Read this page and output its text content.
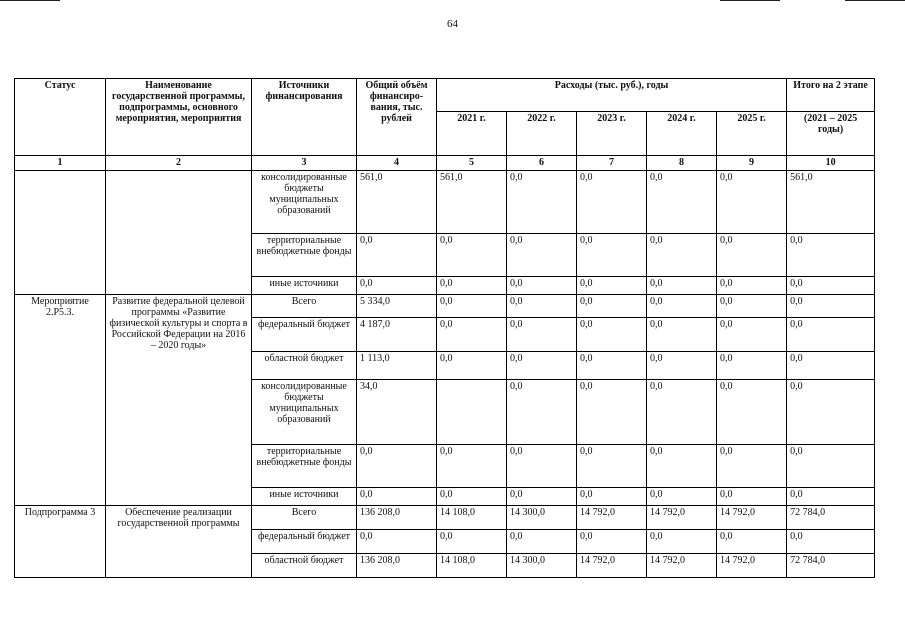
64
Статус	Наименование государственной программы, подпрограммы, основного мероприятия, мероприятия	Источники финансирования	Общий объём финансиро-вания, тыс. рублей	Расходы (тыс. руб.), годы					Итого на 2 этапе
				2021 г.	2022 г.	2023 г.	2024 г.	2025 г.	(2021 – 2025 годы)
1	2	3	4	5	6	7	8	9	10
		консолидированные бюджеты муниципальных образований	561,0	561,0	0,0	0,0	0,0	0,0	561,0
		территориальные внебюджетные фонды	0,0	0,0	0,0	0,0	0,0	0,0	0,0
		иные источники	0,0	0,0	0,0	0,0	0,0	0,0	0,0
Мероприятие 2.Р5.3.	Развитие федеральной целевой программы «Развитие физической культуры и спорта в Российской Федерации на 2016 – 2020 годы»	Всего	5 334,0	0,0	0,0	0,0	0,0	0,0	0,0
		федеральный бюджет	4 187,0	0,0	0,0	0,0	0,0	0,0	0,0
		областной бюджет	1 113,0	0,0	0,0	0,0	0,0	0,0	0,0
		консолидированные бюджеты муниципальных образований	34,0		0,0	0,0	0,0	0,0	0,0
		территориальные внебюджетные фонды	0,0	0,0	0,0	0,0	0,0	0,0	0,0
		иные источники	0,0	0,0	0,0	0,0	0,0	0,0	0,0
Подпрограмма 3	Обеспечение реализации государственной программы	Всего	136 208,0	14 108,0	14 300,0	14 792,0	14 792,0	14 792,0	72 784,0
		федеральный бюджет	0,0	0,0	0,0	0,0	0,0	0,0	0,0
		областной бюджет	136 208,0	14 108,0	14 300,0	14 792,0	14 792,0	14 792,0	72 784,0
